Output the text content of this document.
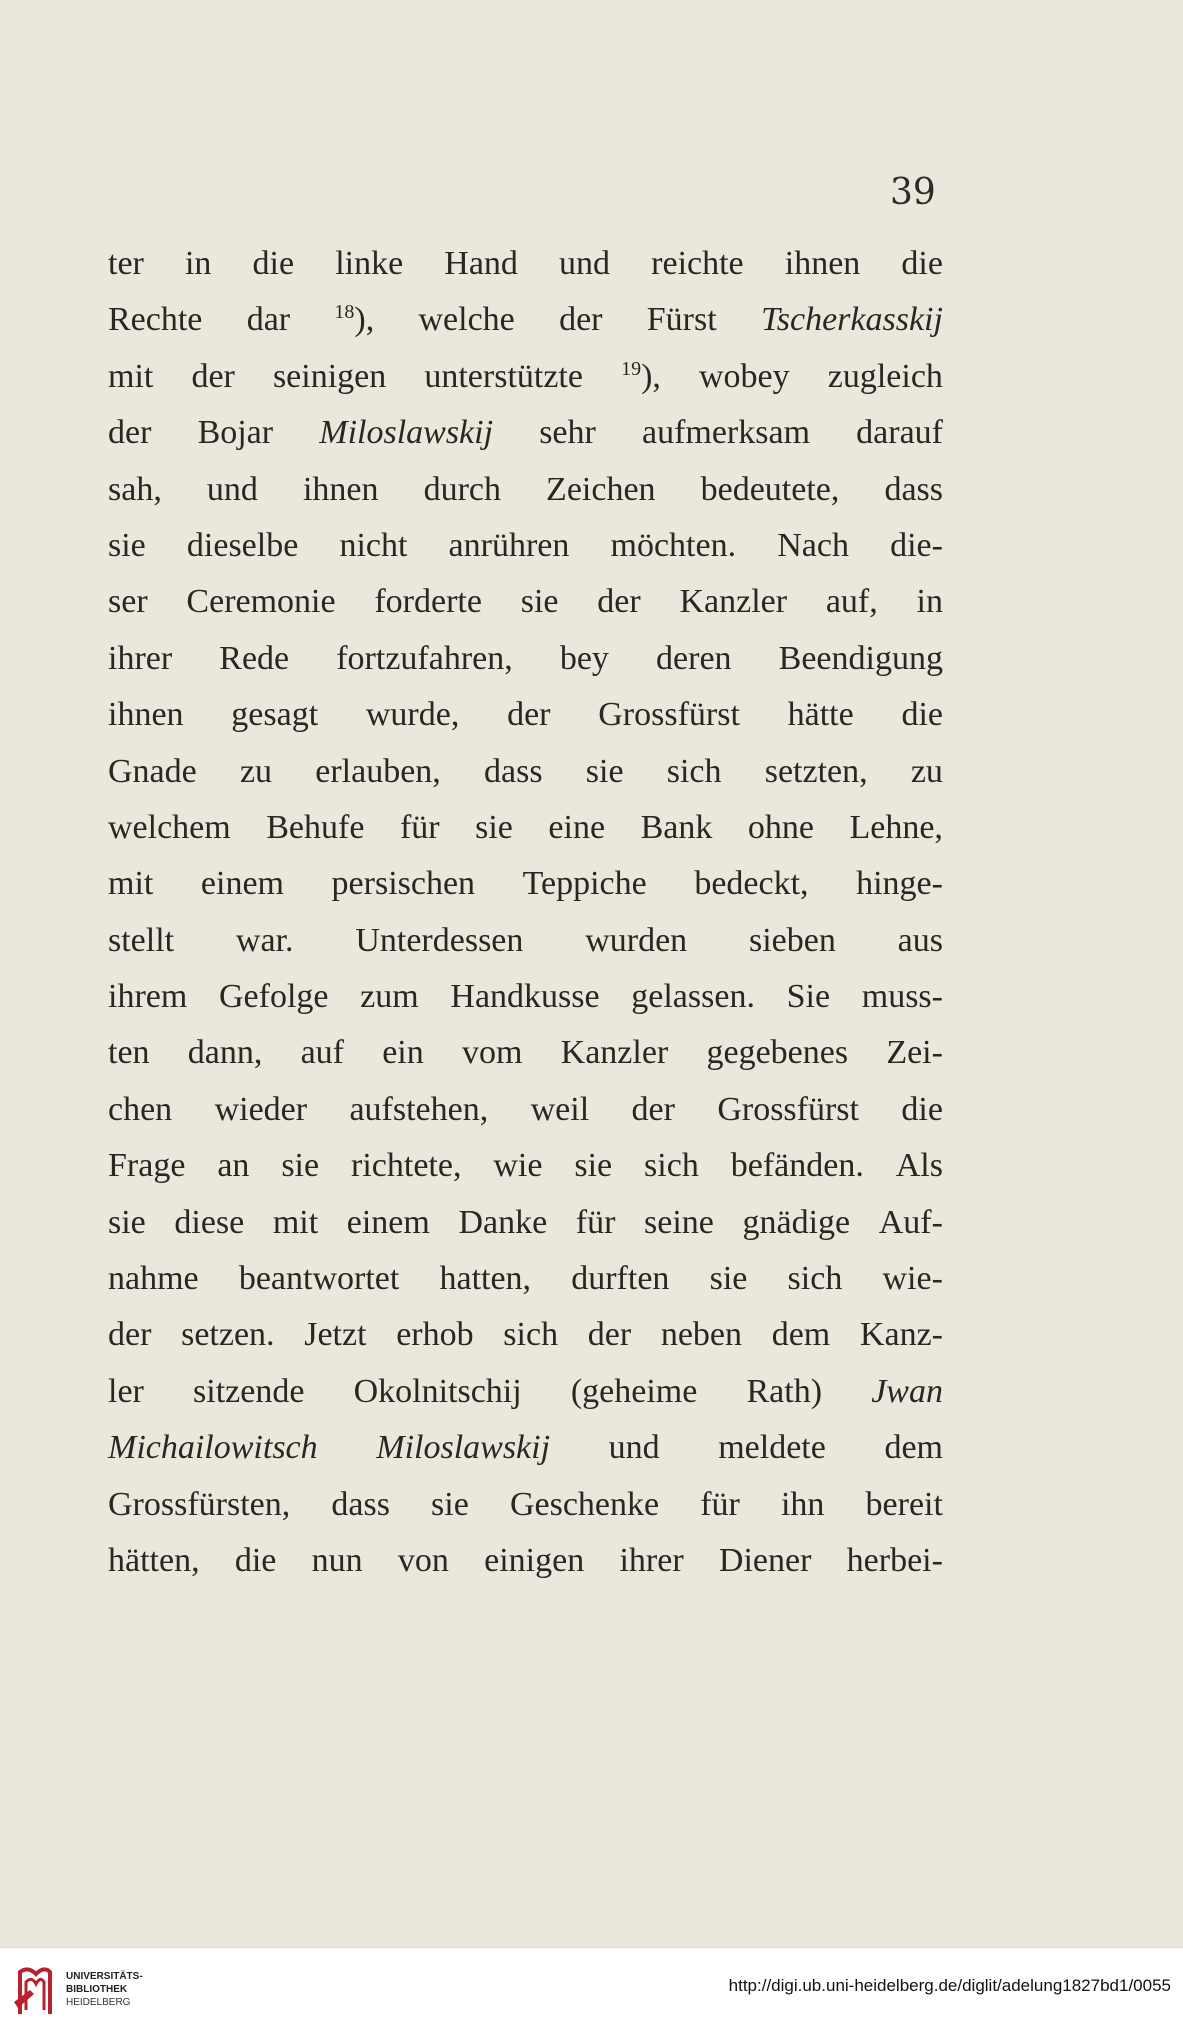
39
ter in die linke Hand und reichte ihnen die
Rechte dar $^{18}$), welche der Fürst Tscherkasskij
mit der seinigen unterstützte $^{19}$), wobey zugleich
der Bojar Miloslawskij sehr aufmerksam darauf
sah, und ihnen durch Zeichen bedeutete, dass
sie dieselbe nicht anrühren möchten. Nach die-
ser Ceremonie forderte sie der Kanzler auf, in
ihrer Rede fortzufahren, bey deren Beendigung
ihnen gesagt wurde, der Grossfürst hätte die
Gnade zu erlauben, dass sie sich setzten, zu
welchem Behufe für sie eine Bank ohne Lehne,
mit einem persischen Teppiche bedeckt, hinge-
stellt war. Unterdessen wurden sieben aus
ihrem Gefolge zum Handkusse gelassen. Sie muss-
ten dann, auf ein vom Kanzler gegebenes Zei-
chen wieder aufstehen, weil der Grossfürst die
Frage an sie richtete, wie sie sich befänden. Als
sie diese mit einem Danke für seine gnädige Auf-
nahme beantwortet hatten, durften sie sich wie-
der setzen. Jetzt erhob sich der neben dem Kanz-
ler sitzende Okolnitschij (geheime Rath) Jwan
Michailowitsch Miloslawskij und meldete dem
Grossfürsten, dass sie Geschenke für ihn bereit
hätten, die nun von einigen ihrer Diener herbei-
UNIVERSITÄTS-
BIBLIOTHEK
HEIDELBERG
http://digi.ub.uni-heidelberg.de/diglit/adelung1827bd1/0055
